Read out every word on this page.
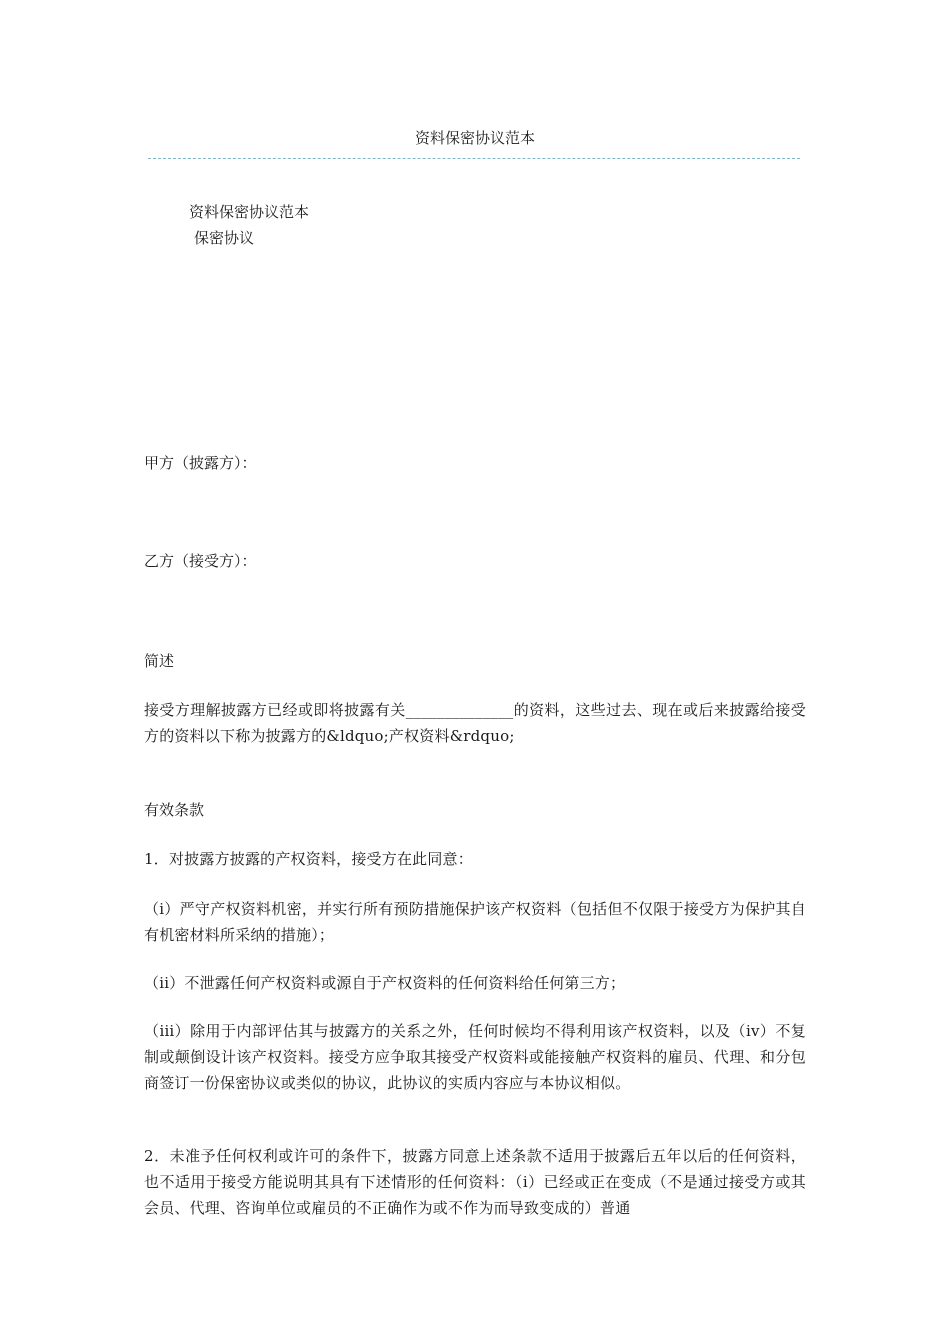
资料保密协议范本

资料保密协议范本

保密协议

甲方（披露方）：

乙方（接受方）：

简述

接受方理解披露方已经或即将披露有关______________的资料，这些过去、现在或后来披露给接受方的资料以下称为披露方的&ldquo;产权资料&rdquo;

有效条款

1．对披露方披露的产权资料，接受方在此同意：

（i）严守产权资料机密，并实行所有预防措施保护该产权资料（包括但不仅限于接受方为保护其自有机密材料所采纳的措施）；

（ii）不泄露任何产权资料或源自于产权资料的任何资料给任何第三方；

（iii）除用于内部评估其与披露方的关系之外，任何时候均不得利用该产权资料，以及（iv）不复制或颠倒设计该产权资料。接受方应争取其接受产权资料或能接触产权资料的雇员、代理、和分包商签订一份保密协议或类似的协议，此协议的实质内容应与本协议相似。

2．未准予任何权利或许可的条件下，披露方同意上述条款不适用于披露后五年以后的任何资料，也不适用于接受方能说明其具有下述情形的任何资料：（i）已经或正在变成（不是通过接受方或其会员、代理、咨询单位或雇员的不正确作为或不作为而导致变成的）普通
